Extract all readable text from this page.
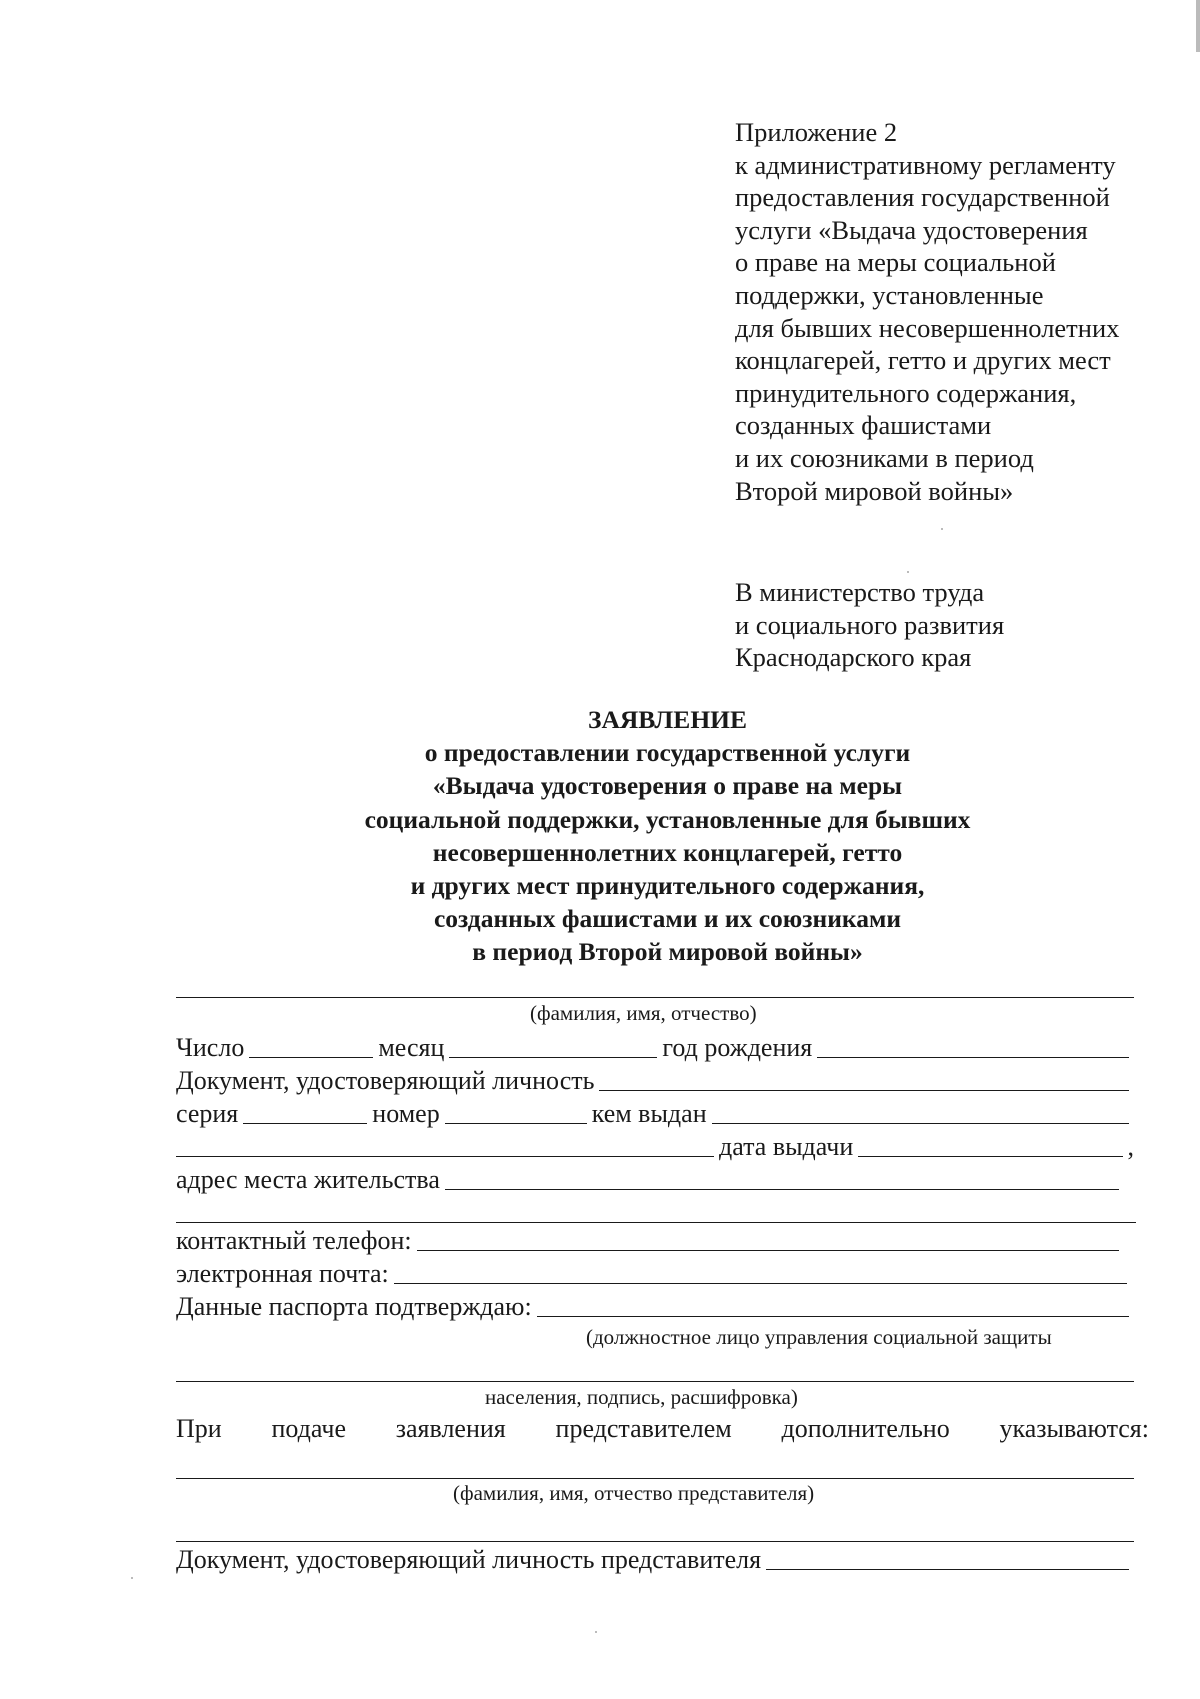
Приложение 2
к административному регламенту
предоставления государственной
услуги «Выдача удостоверения
о праве на меры социальной
поддержки, установленные
для бывших несовершеннолетних
концлагерей, гетто и других мест
принудительного содержания,
созданных фашистами
и их союзниками в период
Второй мировой войны»
В министерство труда
и социального развития
Краснодарского края
ЗАЯВЛЕНИЕ
о предоставлении государственной услуги
«Выдача удостоверения о праве на меры
социальной поддержки, установленные для бывших
несовершеннолетних концлагерей, гетто
и других мест принудительного содержания,
созданных фашистами и их союзниками
в период Второй мировой войны»
(фамилия, имя, отчество)
Число	месяц	год рождения
Документ, удостоверяющий личность
серия	номер	кем выдан
дата выдачи	,
адрес места жительства
контактный телефон:
электронная почта:
Данные паспорта подтверждаю:
(должностное лицо управления социальной защиты
населения, подпись, расшифровка)
При подаче заявления представителем дополнительно указываются:
(фамилия, имя, отчество представителя)
Документ, удостоверяющий личность представителя
